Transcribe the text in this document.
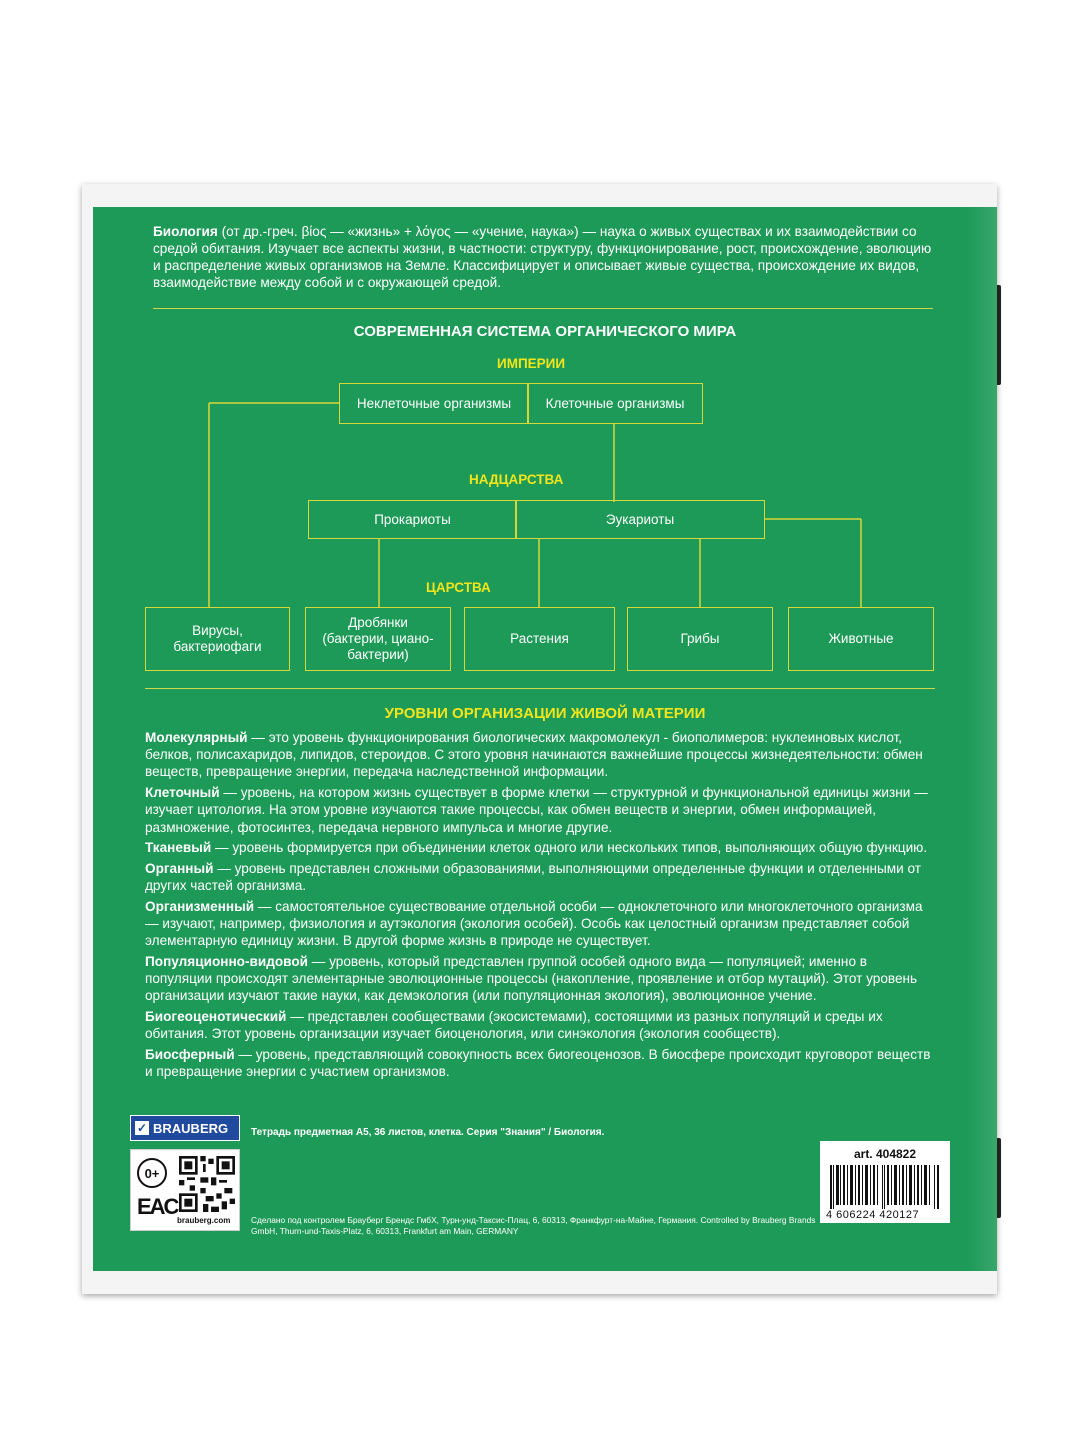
Биология (от др.-греч. βίος — «жизнь» + λόγος — «учение, наука») — наука о живых существах и их взаимодействии со средой обитания. Изучает все аспекты жизни, в частности: структуру, функционирование, рост, происхождение, эволюцию и распределение живых организмов на Земле. Классифицирует и описывает живые существа, происхождение их видов, взаимодействие между собой и с окружающей средой.
СОВРЕМЕННАЯ СИСТЕМА ОРГАНИЧЕСКОГО МИРА
ИМПЕРИИ
Неклеточные организмы	Клеточные организмы
НАДЦАРСТВА
Прокариоты	Эукариоты
ЦАРСТВА
Вирусы, бактериофаги
Дробянки (бактерии, циано-бактерии)
Растения	Грибы	Животные
УРОВНИ ОРГАНИЗАЦИИ ЖИВОЙ МАТЕРИИ
Молекулярный — это уровень функционирования биологических макромолекул - биополимеров: нуклеиновых кислот, белков, полисахаридов, липидов, стероидов. С этого уровня начинаются важнейшие процессы жизнедеятельности: обмен веществ, превращение энергии, передача наследственной информации.
Клеточный — уровень, на котором жизнь существует в форме клетки — структурной и функциональной единицы жизни — изучает цитология. На этом уровне изучаются такие процессы, как обмен веществ и энергии, обмен информацией, размножение, фотосинтез, передача нервного импульса и многие другие.
Тканевый — уровень формируется при объединении клеток одного или нескольких типов, выполняющих общую функцию.
Органный — уровень представлен сложными образованиями, выполняющими определенные функции и отделенными от других частей организма.
Организменный — самостоятельное существование отдельной особи — одноклеточного или многоклеточного организма — изучают, например, физиология и аутэкология (экология особей). Особь как целостный организм представляет собой элементарную единицу жизни. В другой форме жизнь в природе не существует.
Популяционно-видовой — уровень, который представлен группой особей одного вида — популяцией; именно в популяции происходят элементарные эволюционные процессы (накопление, проявление и отбор мутаций). Этот уровень организации изучают такие науки, как демэкология (или популяционная экология), эволюционное учение.
Биогеоценотический — представлен сообществами (экосистемами), состоящими из разных популяций и среды их обитания. Этот уровень организации изучает биоценология, или синэкология (экология сообществ).
Биосферный — уровень, представляющий совокупность всех биогеоценозов. В биосфере происходит круговорот веществ и превращение энергии с участием организмов.
✓ BRAUBERG Тетрадь предметная А5, 36 листов, клетка. Серия "Знания" / Биология.
0+
EAC
brauberg.com Сделано под контролем Брауберг Брендс ГмбХ, Турн-унд-Таксис-Плац, 6, 60313, Франкфурт-на-Майне, Германия. Controlled by Brauberg Brands GmbH, Thurn-und-Taxis-Platz, 6, 60313, Frankfurt am Main, GERMANY
art. 404822
4 606224 420127
